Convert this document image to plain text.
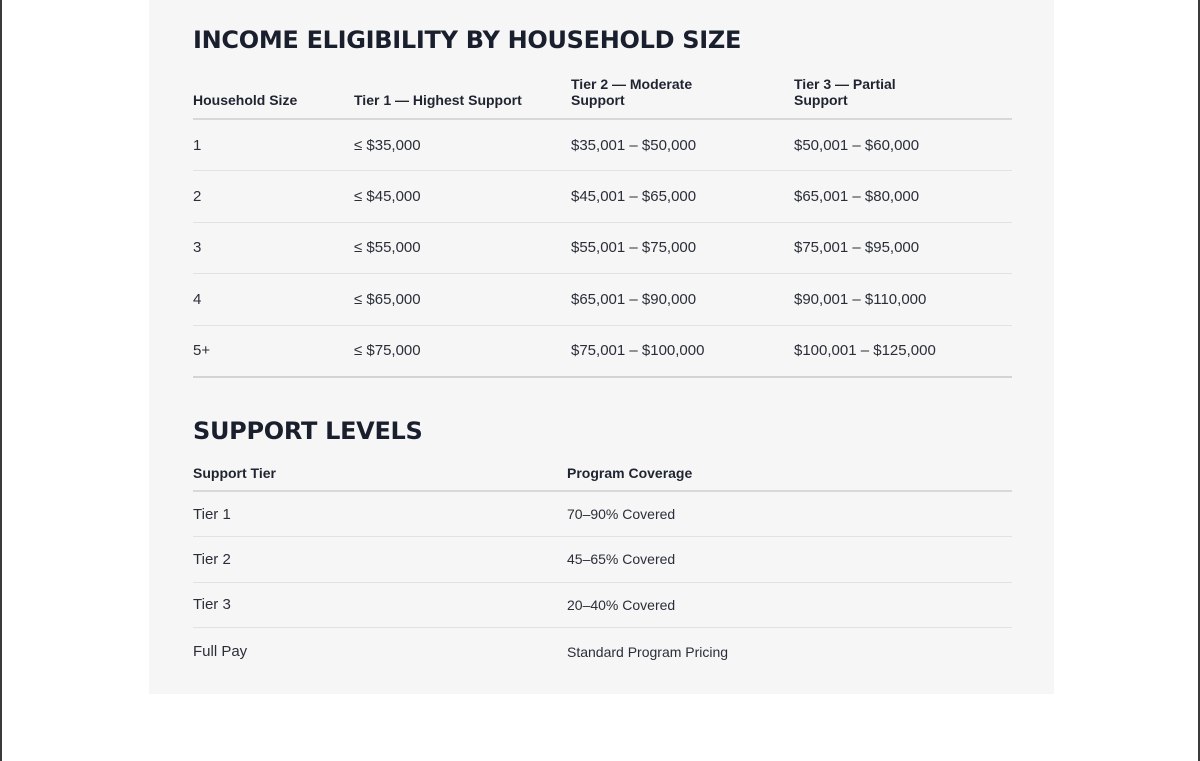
INCOME ELIGIBILITY BY HOUSEHOLD SIZE
Household Size	Tier 1 — Highest Support	Tier 2 — Moderate Support	Tier 3 — Partial Support
1	≤ $35,000	$35,001 – $50,000	$50,001 – $60,000
2	≤ $45,000	$45,001 – $65,000	$65,001 – $80,000
3	≤ $55,000	$55,001 – $75,000	$75,001 – $95,000
4	≤ $65,000	$65,001 – $90,000	$90,001 – $110,000
5+	≤ $75,000	$75,001 – $100,000	$100,001 – $125,000
SUPPORT LEVELS
Support Tier	Program Coverage
Tier 1	70–90% Covered
Tier 2	45–65% Covered
Tier 3	20–40% Covered
Full Pay	Standard Program Pricing
